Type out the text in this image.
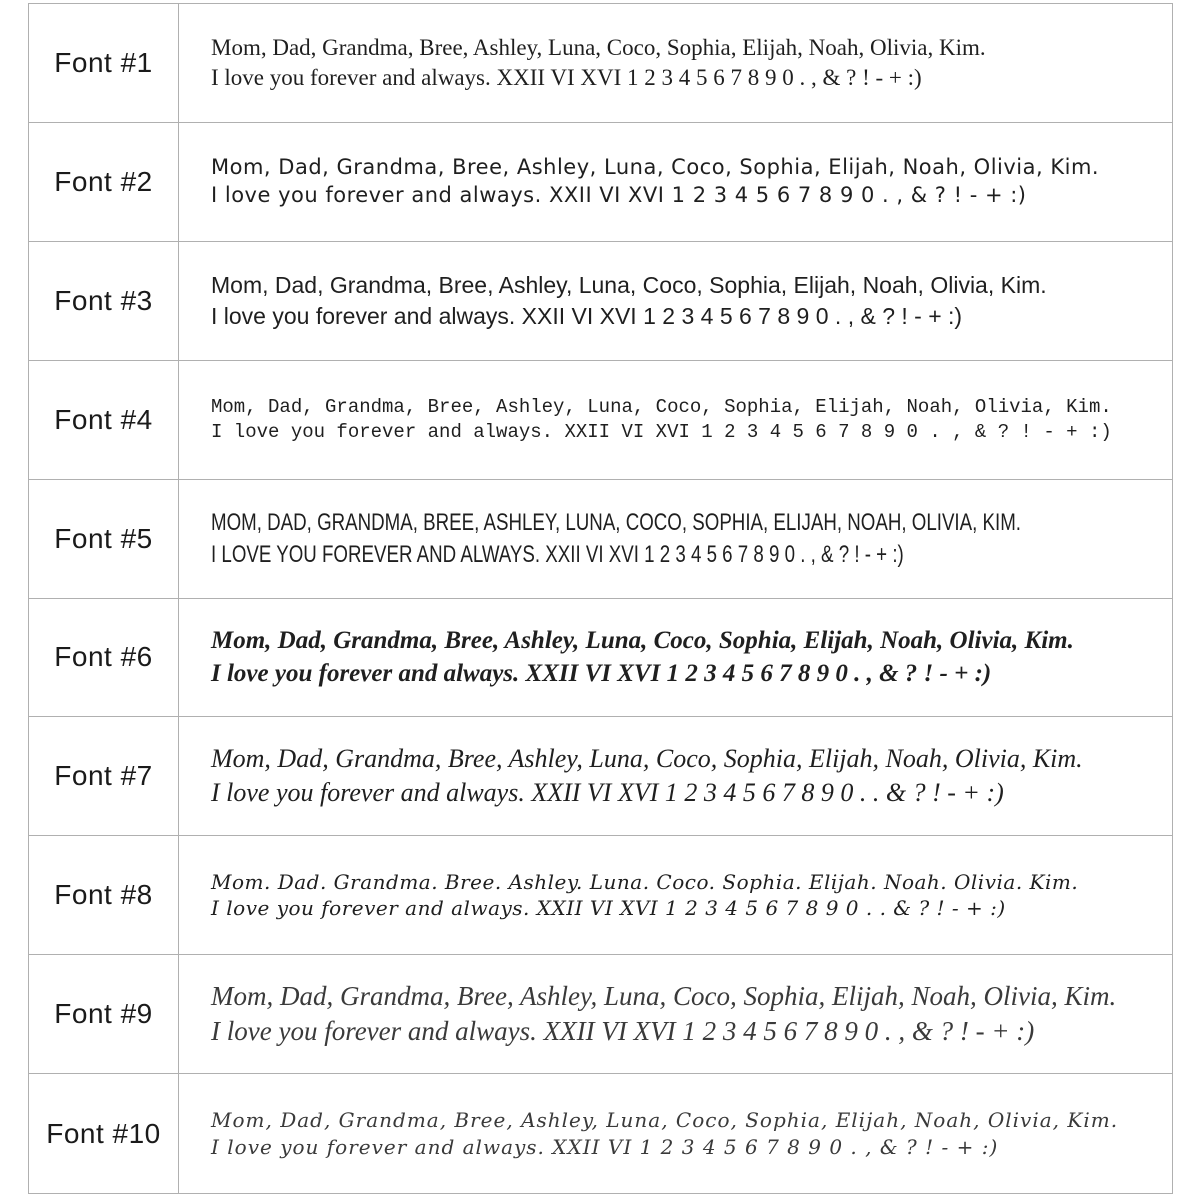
Font #1	Mom, Dad, Grandma, Bree, Ashley, Luna, Coco, Sophia, Elijah, Noah, Olivia, Kim.
I love you forever and always. XXII VI XVI 1 2 3 4 5 6 7 8 9 0 . , & ? ! - + :)
Font #2	Mom, Dad, Grandma, Bree, Ashley, Luna, Coco, Sophia, Elijah, Noah, Olivia, Kim.
I love you forever and always. XXII VI XVI 1 2 3 4 5 6 7 8 9 0 . , & ? ! - + :)
Font #3	Mom, Dad, Grandma, Bree, Ashley, Luna, Coco, Sophia, Elijah, Noah, Olivia, Kim.
I love you forever and always. XXII VI XVI 1 2 3 4 5 6 7 8 9 0 . , & ? ! - + :)
Font #4	Mom, Dad, Grandma, Bree, Ashley, Luna, Coco, Sophia, Elijah, Noah, Olivia, Kim.
I love you forever and always. XXII VI XVI 1 2 3 4 5 6 7 8 9 0 . , & ? ! - + :)
Font #5
MOM, DAD, GRANDMA, BREE, ASHLEY, LUNA, COCO, SOPHIA, ELIJAH, NOAH, OLIVIA, KIM.
I LOVE YOU FOREVER AND ALWAYS. XXII VI XVI 1 2 3 4 5 6 7 8 9 0 . , & ? ! - + :)
Font #6
Mom, Dad, Grandma, Bree, Ashley, Luna, Coco, Sophia, Elijah, Noah, Olivia, Kim.
I love you forever and always. XXII VI XVI 1 2 3 4 5 6 7 8 9 0 . , & ? ! - + :)
Font #7
Mom, Dad, Grandma, Bree, Ashley, Luna, Coco, Sophia, Elijah, Noah, Olivia, Kim.
I love you forever and always. XXII VI XVI 1 2 3 4 5 6 7 8 9 0 . . & ? ! - + :)
Font #8	Mom. Dad. Grandma. Bree. Ashley. Luna. Coco. Sophia. Elijah. Noah. Olivia. Kim.
I love you forever and always. XXII VI XVI 1 2 3 4 5 6 7 8 9 0 . . & ? ! - + :)
Font #9
Mom, Dad, Grandma, Bree, Ashley, Luna, Coco, Sophia, Elijah, Noah, Olivia, Kim.
I love you forever and always. XXII VI XVI 1 2 3 4 5 6 7 8 9 0 . , & ? ! - + :)
Font #10	Mom, Dad, Grandma, Bree, Ashley, Luna, Coco, Sophia, Elijah, Noah, Olivia, Kim.
I love you forever and always. XXII VI 1 2 3 4 5 6 7 8 9 0 . , & ? ! - + :)
